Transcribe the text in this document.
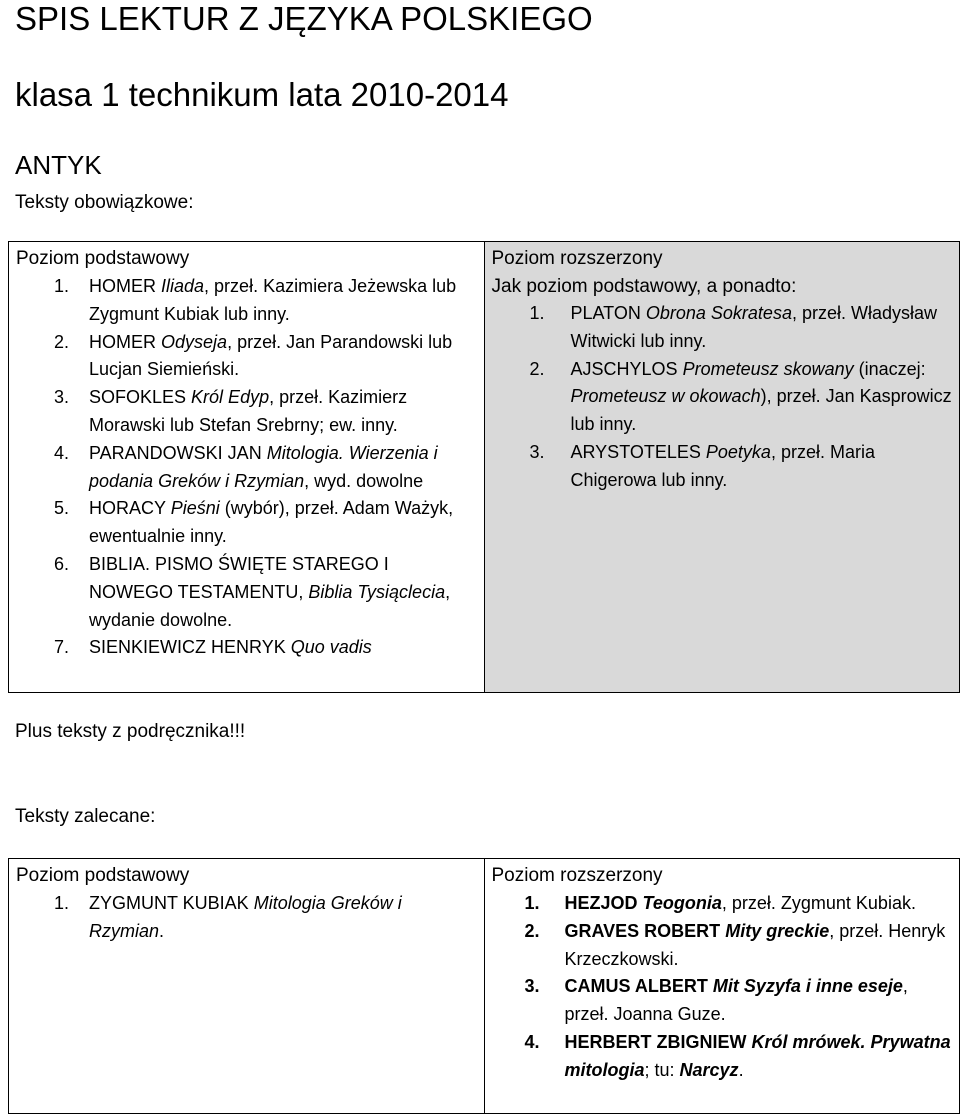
SPIS LEKTUR Z JĘZYKA POLSKIEGO
klasa 1 technikum lata 2010-2014
ANTYK
Teksty obowiązkowe:
Poziom podstawowy
1. HOMER Iliada, przeł. Kazimiera Jeżewska lub Zygmunt Kubiak lub inny.
2. HOMER Odyseja, przeł. Jan Parandowski lub Lucjan Siemieński.
3. SOFOKLES Król Edyp, przeł. Kazimierz Morawski lub Stefan Srebrny; ew. inny.
4. PARANDOWSKI JAN Mitologia. Wierzenia i podania Greków i Rzymian, wyd. dowolne
5. HORACY Pieśni (wybór), przeł. Adam Ważyk, ewentualnie inny.
6. BIBLIA. PISMO ŚWIĘTE STAREGO I NOWEGO TESTAMENTU, Biblia Tysiąclecia, wydanie dowolne.
7. SIENKIEWICZ HENRYK Quo vadis

Poziom rozszerzony
Jak poziom podstawowy, a ponadto:
1. PLATON Obrona Sokratesa, przeł. Władysław Witwicki lub inny.
2. AJSCHYLOS Prometeusz skowany (inaczej: Prometeusz w okowach), przeł. Jan Kasprowicz lub inny.
3. ARYSTOTELES Poetyka, przeł. Maria Chigerowa lub inny.
Plus teksty z podręcznika!!!
Teksty zalecane:
Poziom podstawowy
1. ZYGMUNT KUBIAK Mitologia Greków i Rzymian.

Poziom rozszerzony
1. HEZJOD Teogonia, przeł. Zygmunt Kubiak.
2. GRAVES ROBERT Mity greckie, przeł. Henryk Krzeczkowski.
3. CAMUS ALBERT Mit Syzyfa i inne eseje, przeł. Joanna Guze.
4. HERBERT ZBIGNIEW Król mrówek. Prywatna mitologia; tu: Narcyz.
